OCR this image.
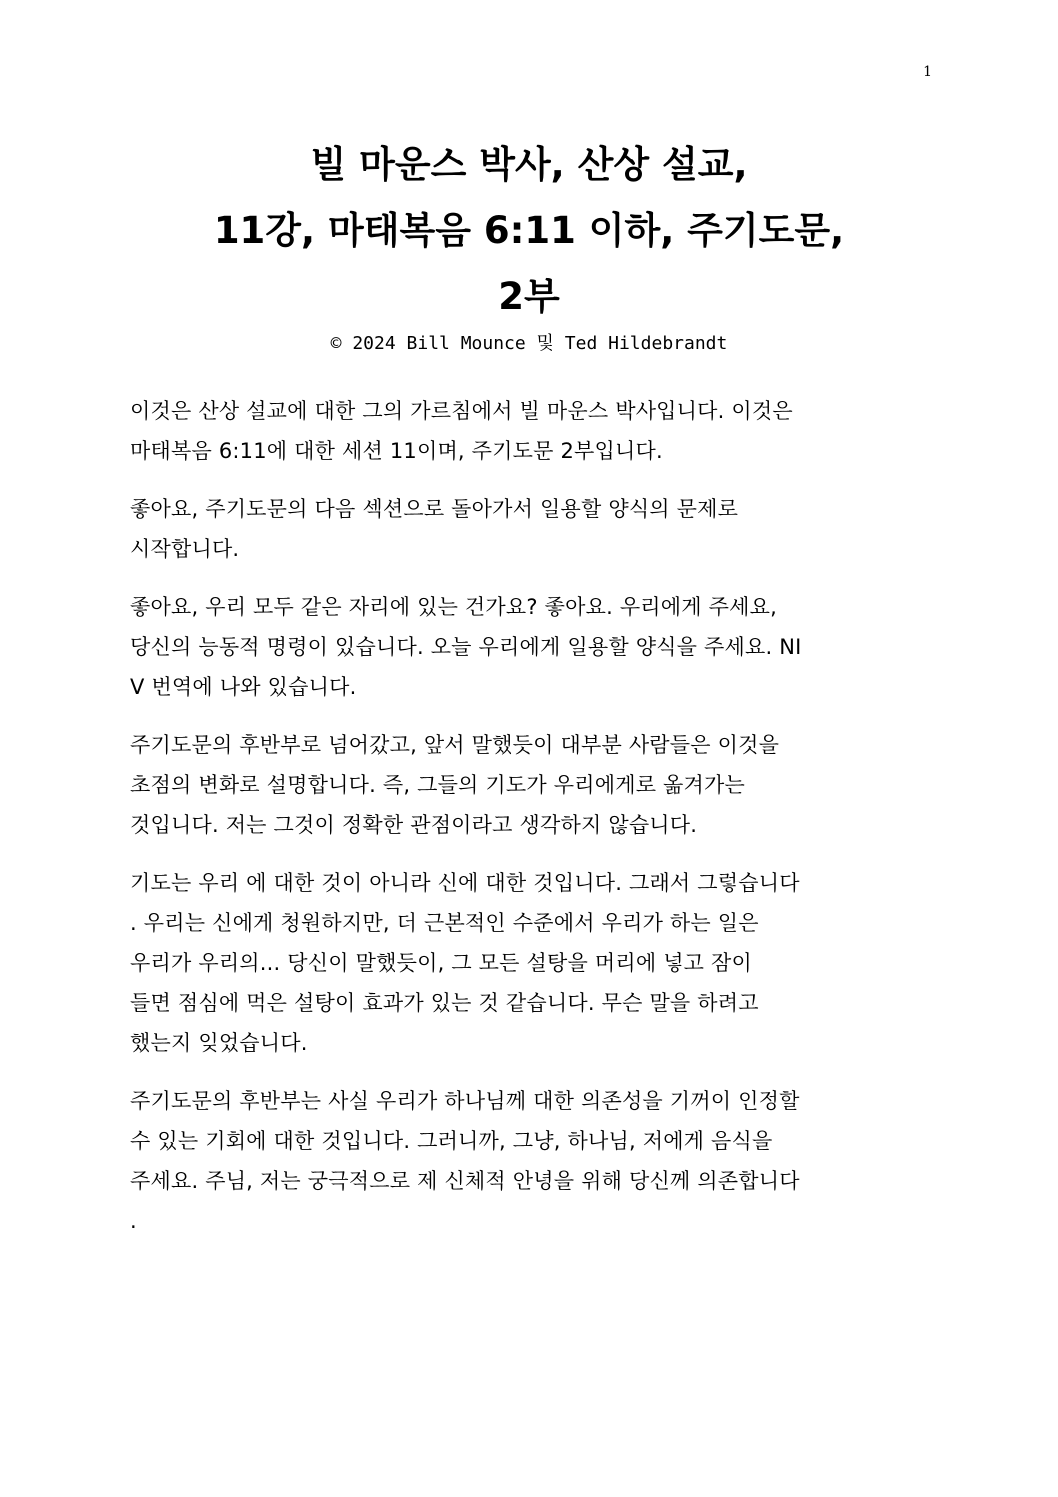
1
빌 마운스 박사, 산상 설교,
11강, 마태복음 6:11 이하, 주기도문,
2부
© 2024 Bill Mounce 및 Ted Hildebrandt

이것은 산상 설교에 대한 그의 가르침에서 빌 마운스 박사입니다. 이것은
마태복음 6:11에 대한 세션 11이며, 주기도문 2부입니다.

좋아요, 주기도문의 다음 섹션으로 돌아가서 일용할 양식의 문제로
시작합니다.

좋아요, 우리 모두 같은 자리에 있는 건가요? 좋아요. 우리에게 주세요,
당신의 능동적 명령이 있습니다. 오늘 우리에게 일용할 양식을 주세요. NI
V 번역에 나와 있습니다.

주기도문의 후반부로 넘어갔고, 앞서 말했듯이 대부분 사람들은 이것을
초점의 변화로 설명합니다. 즉, 그들의 기도가 우리에게로 옮겨가는
것입니다. 저는 그것이 정확한 관점이라고 생각하지 않습니다.

기도는 우리 에 대한 것이 아니라 신에 대한 것입니다. 그래서 그렇습니다
. 우리는 신에게 청원하지만, 더 근본적인 수준에서 우리가 하는 일은
우리가 우리의... 당신이 말했듯이, 그 모든 설탕을 머리에 넣고 잠이
들면 점심에 먹은 설탕이 효과가 있는 것 같습니다. 무슨 말을 하려고
했는지 잊었습니다.

주기도문의 후반부는 사실 우리가 하나님께 대한 의존성을 기꺼이 인정할
수 있는 기회에 대한 것입니다. 그러니까, 그냥, 하나님, 저에게 음식을
주세요. 주님, 저는 궁극적으로 제 신체적 안녕을 위해 당신께 의존합니다
.
